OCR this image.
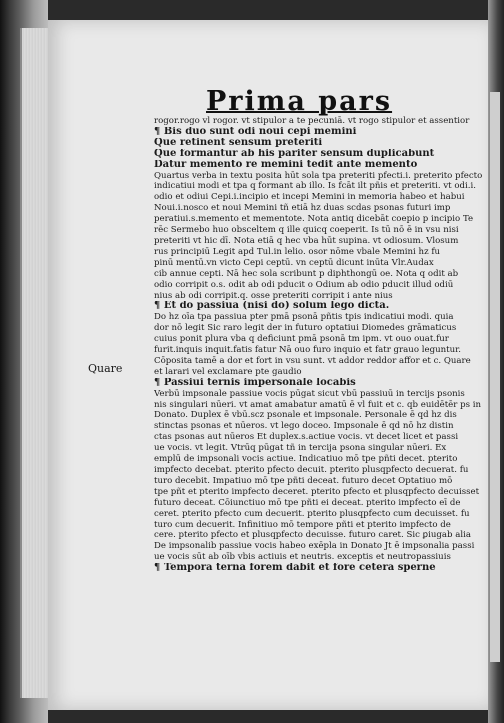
Prima pars
Quare
rogor.rogo vl rogor. vt stipulor a te pecuniā. vt rogo stipulor et assentior
¶ Bis duo sunt odi noui cepi memini
Que retinent sensum preteriti
Que formantur ab his pariter sensum duplicabunt
Datur memento re memini tedit ante memento
Quartus verba in textu posita hūt sola tpa preteriti pfecti.i. preterito pfecto
indicatiui modi et tpa q formant ab illo. Is fcāt ilt pñis et preteriti. vt odi.i.
odio et odiui Cepi.i.incipio et incepi Memini in memoria habeo et habui
Noui.i.nosco et noui Memini tñ etiā hz duas scdas psonas futuri imp
peratiui.s.memento et mementote. Nota antiq dicebāt coepio p incipio Te
rēc Sermebo huo obsceltem q ille quicq coeperit. Is tū nō ē in vsu nisi
preteriti vt hic dī. Nota etiā q hec vba hūt supina. vt odiosum. Vlosum
rus principiū Legit apd Tul.in lelio. osor nōme vbale Memini hz fu
pinū mentū.vn victo Cepi ceptū. vn ceptū dicunt inūta Vlr.Audax
cib annue cepti. Nā hec sola scribunt p diphthongū oe. Nota q odit ab
odio corripit o.s. odit ab odi pducit o Odium ab odio pducit illud odiū
nius ab odi corripit.q. osse preteriti corripit i ante nius
¶ Et do passiua (nisi do) solum lego dicta.
Do hz oīa tpa passiua pter pmā psonā pñtis tpis indicatiui modi. quia
dor nō legit Sic raro legit der in futuro optatiui Diomedes grāmaticus
cuius ponit plura vba q deficiunt pmā psonā tm ipm. vt ouo ouat.fur
furit.inquis inquit.fatis fatur Nā ouo furo inquio et fatr grauo leguntur.
Cōposita tamē a dor et fort in vsu sunt. vt addor reddor affor et c. Quare
et larari vel exclamare pte gaudio
¶ Passiui ternis impersonale locabis
Verbū impsonale passiue vocis pūgat sicut vbū passiuū in tercijs psonis
nis singulari nūeri. vt amat amabatur amatū ē vl fuit et c. qb euidētēr ps in
Donato. Duplex ē vbū.scz psonale et impsonale. Personale ē qd hz dis
stinctas psonas et nūeros. vt lego doceo. Impsonale ē qd nō hz distin
ctas psonas aut nūeros Et duplex.s.actiue vocis. vt decet licet et passi
ue vocis. vt legit. Vtrūq pūgat tñ in tercija psona singular nūeri. Ex
emplū de impsonali vocis actiue. Indicatiuo mō tpe pñti decet. pterito
impfecto decebat. pterito pfecto decuit. pterito plusqpfecto decuerat. fu
turo decebit. Impatiuo mō tpe pñti deceat. futuro decet Optatiuo mō
tpe pñt et pterito impfecto deceret. pterito pfecto et plusqpfecto decuisset
futuro deceat. Cōiunctiuo mō tpe pñti ei deceat. pterito impfecto eī de
ceret. pterito pfecto cum decuerit. pterito plusqpfecto cum decuisset. fu
turo cum decuerit. Infinitiuo mō tempore pñti et pterito impfecto de
cere. pterito pfecto et plusqpfecto decuisse. futuro caret. Sic ꝑiugab alia
De impsonalib passiue vocis habeo exēpla in Donato Jt ē impsonalia passi
ue vocis sūt ab oīb vbis actiuis et neutris. exceptis et neutropassiuis
¶ Tempora terna forem dabit et fore cetera sperne
